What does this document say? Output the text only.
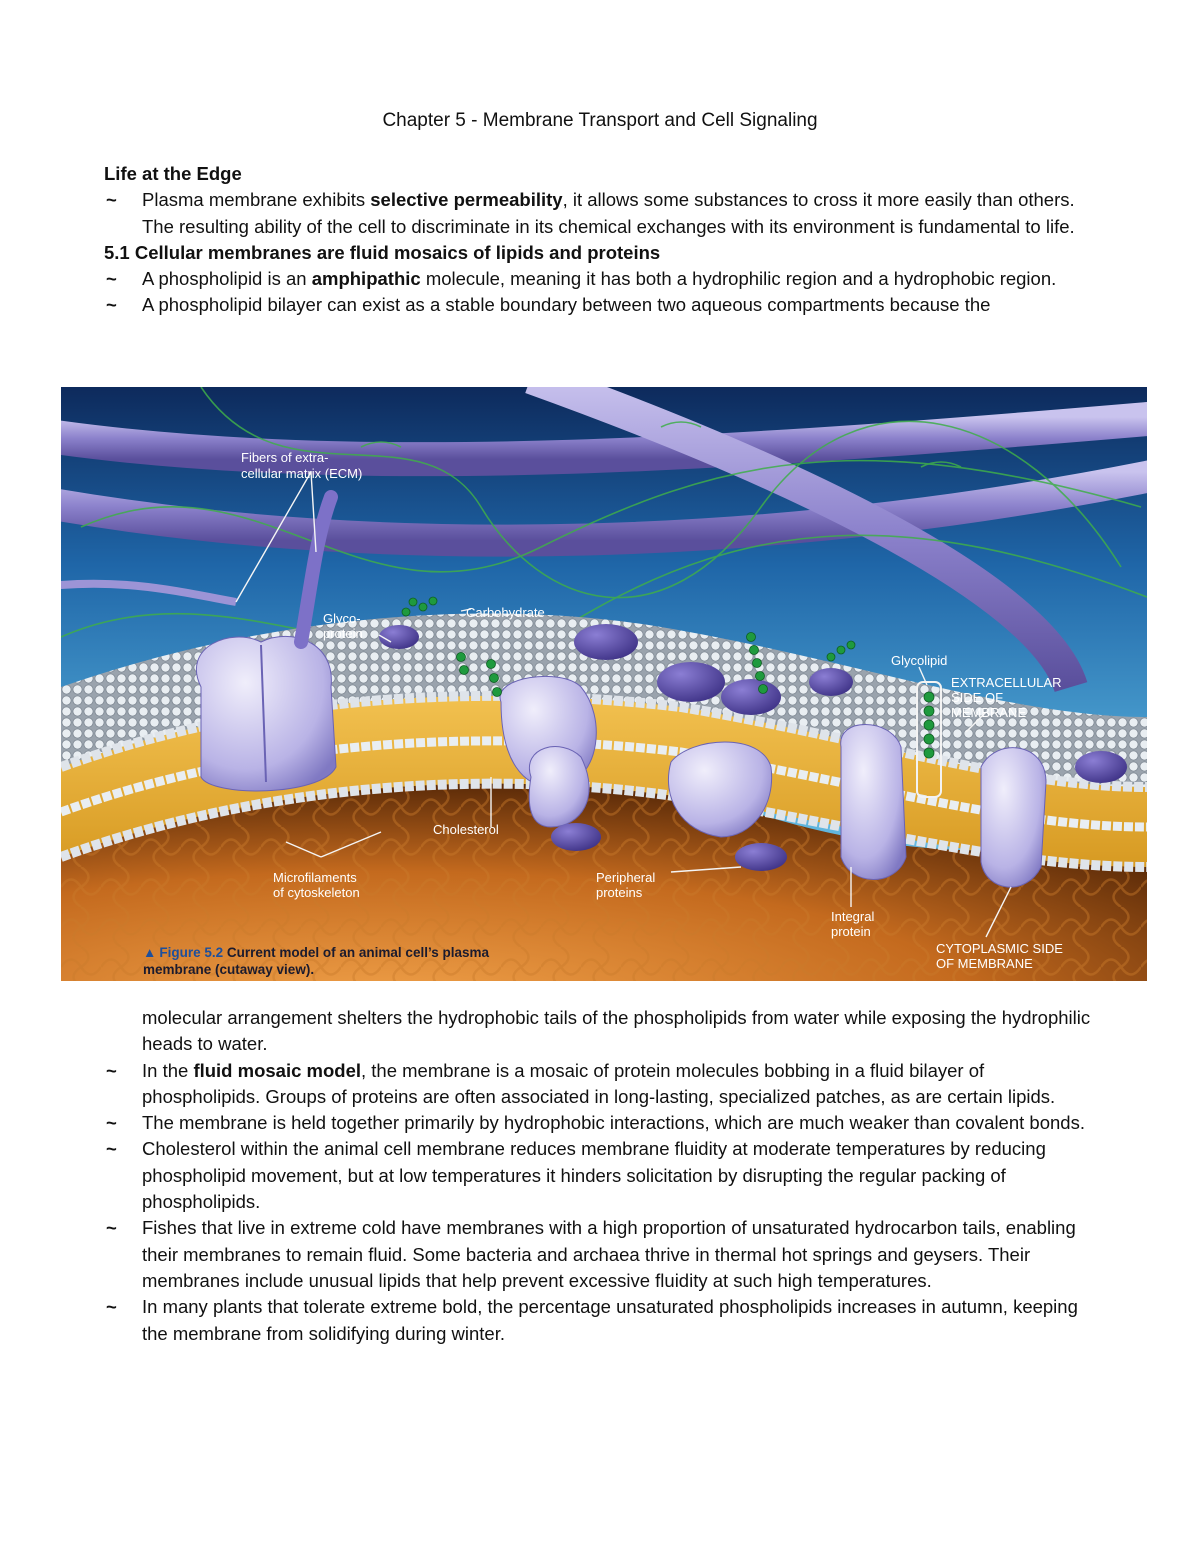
Chapter 5 - Membrane Transport and Cell Signaling

Life at the Edge

~ Plasma membrane exhibits selective permeability, it allows some substances to cross it more easily than others. The resulting ability of the cell to discriminate in its chemical exchanges with its environment is fundamental to life.

5.1 Cellular membranes are fluid mosaics of lipids and proteins

~ A phospholipid is an amphipathic molecule, meaning it has both a hydrophilic region and a hydrophobic region.

~ A phospholipid bilayer can exist as a stable boundary between two aqueous compartments because the

Fibers of extra-
cellular matrix (ECM)
Glyco-
protein
Carbohydrate
Glycolipid
EXTRACELLULAR
SIDE OF
MEMBRANE
Cholesterol
Microfilaments
of cytoskeleton
Peripheral
proteins
Integral
protein
CYTOPLASMIC SIDE
OF MEMBRANE
▲ Figure 5.2 Current model of an animal cell’s plasma
membrane (cutaway view).

molecular arrangement shelters the hydrophobic tails of the phospholipids from water while exposing the hydrophilic heads to water.

~ In the fluid mosaic model, the membrane is a mosaic of protein molecules bobbing in a fluid bilayer of phospholipids. Groups of proteins are often associated in long-lasting, specialized patches, as are certain lipids.

~ The membrane is held together primarily by hydrophobic interactions, which are much weaker than covalent bonds.

~ Cholesterol within the animal cell membrane reduces membrane fluidity at moderate temperatures by reducing phospholipid movement, but at low temperatures it hinders solicitation by disrupting the regular packing of phospholipids.

~ Fishes that live in extreme cold have membranes with a high proportion of unsaturated hydrocarbon tails, enabling their membranes to remain fluid. Some bacteria and archaea thrive in thermal hot springs and geysers. Their membranes include unusual lipids that help prevent excessive fluidity at such high temperatures.

~ In many plants that tolerate extreme bold, the percentage unsaturated phospholipids increases in autumn, keeping the membrane from solidifying during winter.
